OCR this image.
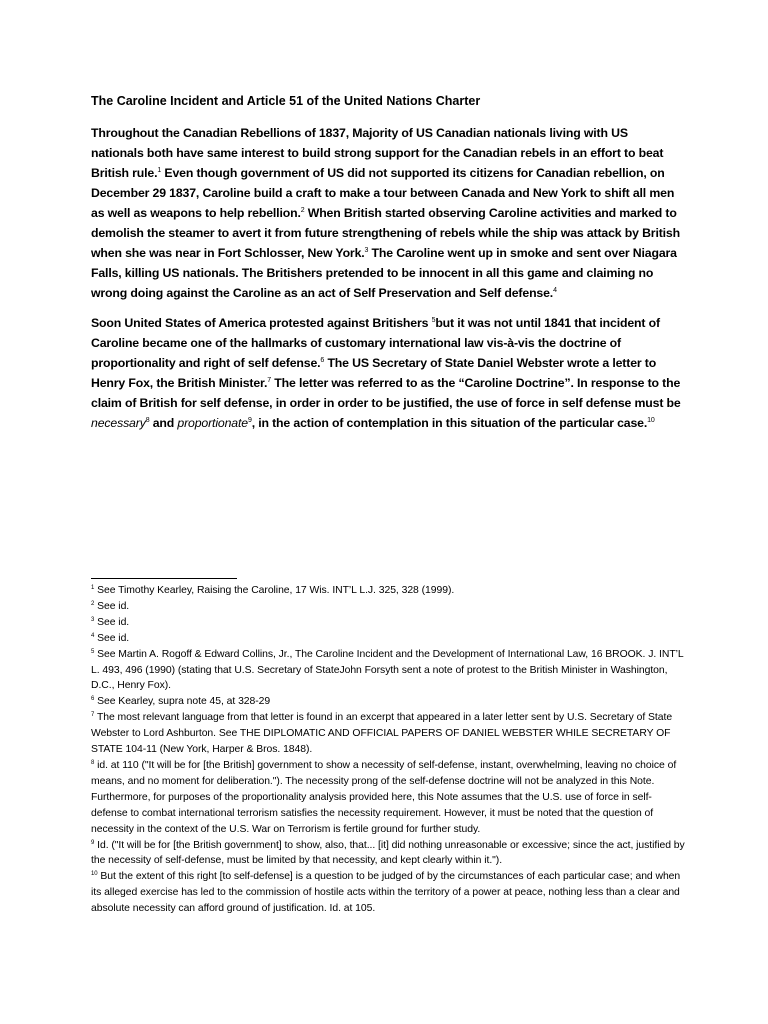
The Caroline Incident and Article 51 of the United Nations Charter

Throughout the Canadian Rebellions of 1837, Majority of US Canadian nationals living with US nationals both have same interest to build strong support for the Canadian rebels in an effort to beat British rule.$^1$ Even though government of US did not supported its citizens for Canadian rebellion, on December 29 1837, Caroline build a craft to make a tour between Canada and New York to shift all men as well as weapons to help rebellion.$^2$ When British started observing Caroline activities and marked to demolish the steamer to avert it from future strengthening of rebels while the ship was attack by British when she was near in Fort Schlosser, New York.$^3$ The Caroline went up in smoke and sent over Niagara Falls, killing US nationals. The Britishers pretended to be innocent in all this game and claiming no wrong doing against the Caroline as an act of Self Preservation and Self defense.$^4$

Soon United States of America protested against Britishers $^5$but it was not until 1841 that incident of Caroline became one of the hallmarks of customary international law vis-à-vis the doctrine of proportionality and right of self defense.$^6$ The US Secretary of State Daniel Webster wrote a letter to Henry Fox, the British Minister.$^7$ The letter was referred to as the “Caroline Doctrine”. In response to the claim of British for self defense, in order in order to be justified, the use of force in self defense must be necessary$^8$ and proportionate$^9$, in the action of contemplation in this situation of the particular case.$^{10}$

$^1$ See Timothy Kearley, Raising the Caroline, 17 Wis. INT’L L.J. 325, 328 (1999).

$^2$ See id.

$^3$ See id.

$^4$ See id.

$^5$ See Martin A. Rogoff & Edward Collins, Jr., The Caroline Incident and the Development of International Law, 16 BROOK. J. INT’L L. 493, 496 (1990) (stating that U.S. Secretary of StateJohn Forsyth sent a note of protest to the British Minister in Washington, D.C., Henry Fox).

$^6$ See Kearley, supra note 45, at 328-29

$^7$ The most relevant language from that letter is found in an excerpt that appeared in a later letter sent by U.S. Secretary of State Webster to Lord Ashburton. See THE DIPLOMATIC AND OFFICIAL PAPERS OF DANIEL WEBSTER WHILE SECRETARY OF STATE 104-11 (New York, Harper & Bros. 1848).

$^8$ id. at 110 ("It will be for [the British] government to show a necessity of self-defense, instant, overwhelming, leaving no choice of means, and no moment for deliberation."). The necessity prong of the self-defense doctrine will not be analyzed in this Note. Furthermore, for purposes of the proportionality analysis provided here, this Note assumes that the U.S. use of force in self-defense to combat international terrorism satisfies the necessity requirement. However, it must be noted that the question of necessity in the context of the U.S. War on Terrorism is fertile ground for further study.

$^9$ Id. ("It will be for [the British government] to show, also, that... [it] did nothing unreasonable or excessive; since the act, justified by the necessity of self-defense, must be limited by that necessity, and kept clearly within it.").

$^{10}$ But the extent of this right [to self-defense] is a question to be judged of by the circumstances of each particular case; and when its alleged exercise has led to the commission of hostile acts within the territory of a power at peace, nothing less than a clear and absolute necessity can afford ground of justification. Id. at 105.
